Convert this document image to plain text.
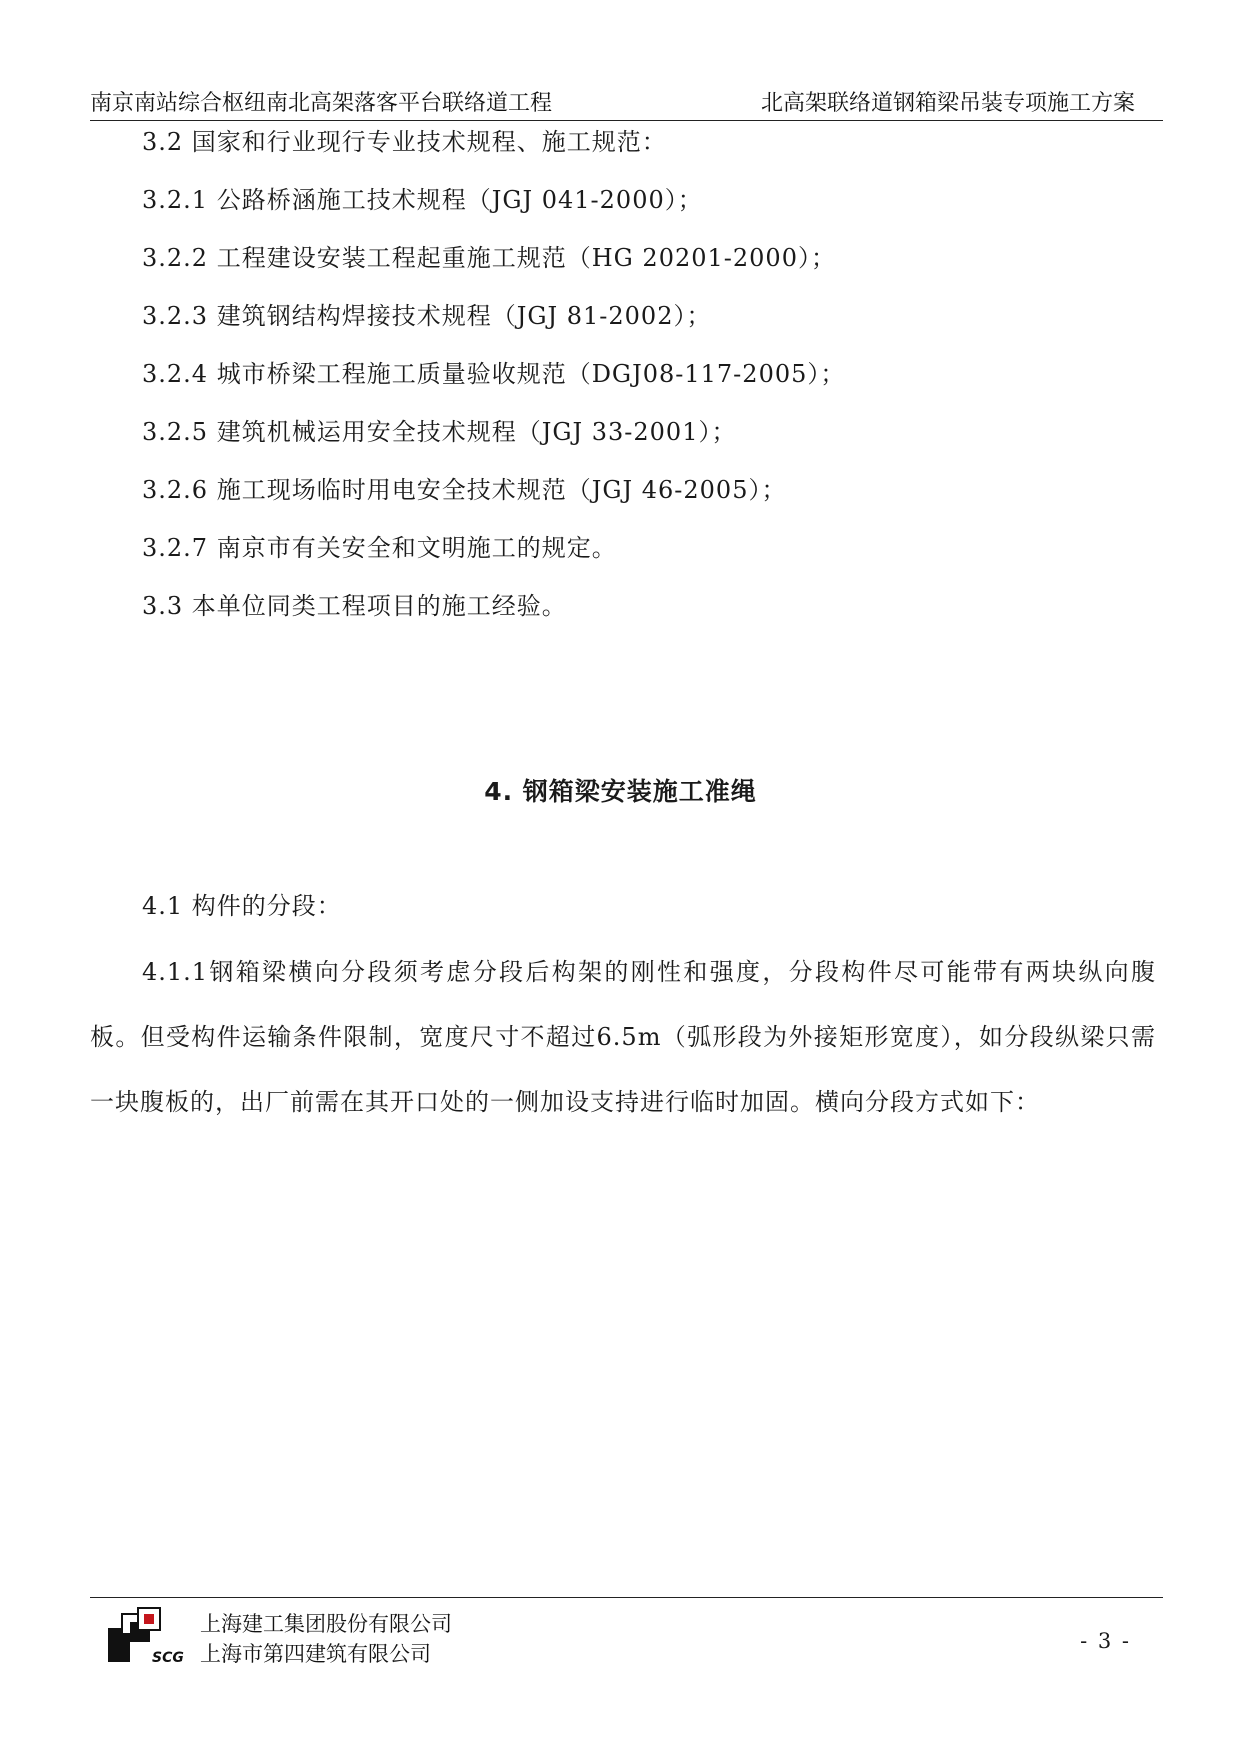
南京南站综合枢纽南北高架落客平台联络道工程	北高架联络道钢箱梁吊装专项施工方案
3.2 国家和行业现行专业技术规程、施工规范：
3.2.1 公路桥涵施工技术规程（JGJ 041-2000）；
3.2.2 工程建设安装工程起重施工规范（HG 20201-2000）；
3.2.3 建筑钢结构焊接技术规程（JGJ 81-2002）；
3.2.4 城市桥梁工程施工质量验收规范（DGJ08-117-2005）；
3.2.5 建筑机械运用安全技术规程（JGJ 33-2001）；
3.2.6 施工现场临时用电安全技术规范（JGJ 46-2005）；
3.2.7 南京市有关安全和文明施工的规定。
3.3 本单位同类工程项目的施工经验。
4. 钢箱梁安装施工准绳
4.1 构件的分段：
4.1.1钢箱梁横向分段须考虑分段后构架的刚性和强度，分段构件尽可能带有两块纵向腹板。但受构件运输条件限制，宽度尺寸不超过6.5m（弧形段为外接矩形宽度），如分段纵梁只需一块腹板的，出厂前需在其开口处的一侧加设支持进行临时加固。横向分段方式如下：
SCG
上海建工集团股份有限公司
上海市第四建筑有限公司
- 3 -
